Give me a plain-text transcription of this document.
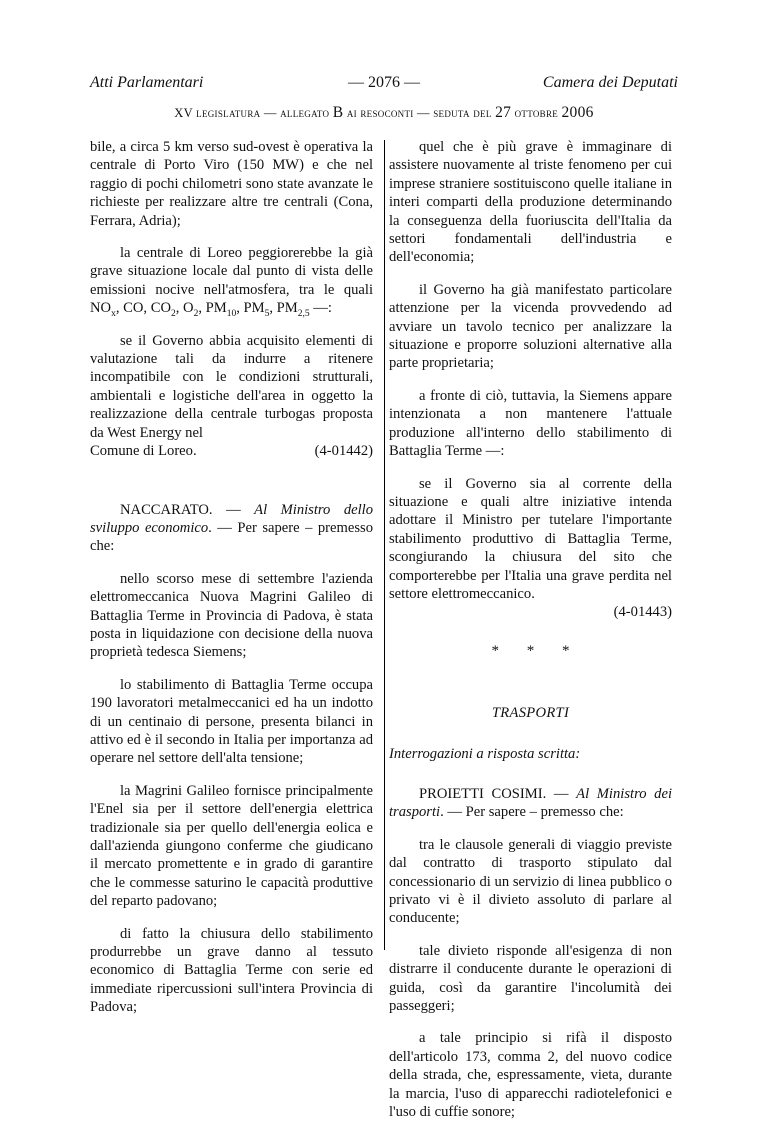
Atti Parlamentari	— 2076 —	Camera dei Deputati
XV legislatura — allegato B ai resoconti — seduta del 27 ottobre 2006

bile, a circa 5 km verso sud-ovest è operativa la centrale di Porto Viro (150 MW) e che nel raggio di pochi chilometri sono state avanzate le richieste per realizzare altre tre centrali (Cona, Ferrara, Adria);

la centrale di Loreo peggiorerebbe la già grave situazione locale dal punto di vista delle emissioni nocive nell'atmosfera, tra le quali $NO_x$, CO, $CO_2$, $O_2$, $PM_{10}$, $PM_5$, $PM_{2,5}$ —:

se il Governo abbia acquisito elementi di valutazione tali da indurre a ritenere incompatibile con le condizioni strutturali, ambientali e logistiche dell'area in oggetto la realizzazione della centrale turbogas proposta da West Energy nel

Comune di Loreo.	(4-01442)

NACCARATO. — Al Ministro dello sviluppo economico. — Per sapere – premesso che:

nello scorso mese di settembre l'azienda elettromeccanica Nuova Magrini Galileo di Battaglia Terme in Provincia di Padova, è stata posta in liquidazione con decisione della nuova proprietà tedesca Siemens;

lo stabilimento di Battaglia Terme occupa 190 lavoratori metalmeccanici ed ha un indotto di un centinaio di persone, presenta bilanci in attivo ed è il secondo in Italia per importanza ad operare nel settore dell'alta tensione;

la Magrini Galileo fornisce principalmente l'Enel sia per il settore dell'energia elettrica tradizionale sia per quello dell'energia eolica e dall'azienda giungono conferme che giudicano il mercato promettente e in grado di garantire che le commesse saturino le capacità produttive del reparto padovano;

di fatto la chiusura dello stabilimento produrrebbe un grave danno al tessuto economico di Battaglia Terme con serie ed immediate ripercussioni sull'intera Provincia di Padova;

quel che è più grave è immaginare di assistere nuovamente al triste fenomeno per cui imprese straniere sostituiscono quelle italiane in interi comparti della produzione determinando la conseguenza della fuoriuscita dell'Italia da settori fondamentali dell'industria e dell'economia;

il Governo ha già manifestato particolare attenzione per la vicenda provvedendo ad avviare un tavolo tecnico per analizzare la situazione e proporre soluzioni alternative alla parte proprietaria;

a fronte di ciò, tuttavia, la Siemens appare intenzionata a non mantenere l'attuale produzione all'interno dello stabilimento di Battaglia Terme —:

se il Governo sia al corrente della situazione e quali altre iniziative intenda adottare il Ministro per tutelare l'importante stabilimento produttivo di Battaglia Terme, scongiurando la chiusura del sito che comporterebbe per l'Italia una grave perdita nel settore elettromeccanico.

(4-01443)

* * *

TRASPORTI

Interrogazioni a risposta scritta:

PROIETTI COSIMI. — Al Ministro dei trasporti. — Per sapere – premesso che:

tra le clausole generali di viaggio previste dal contratto di trasporto stipulato dal concessionario di un servizio di linea pubblico o privato vi è il divieto assoluto di parlare al conducente;

tale divieto risponde all'esigenza di non distrarre il conducente durante le operazioni di guida, così da garantire l'incolumità dei passeggeri;

a tale principio si rifà il disposto dell'articolo 173, comma 2, del nuovo codice della strada, che, espressamente, vieta, durante la marcia, l'uso di apparecchi radiotelefonici e l'uso di cuffie sonore;
